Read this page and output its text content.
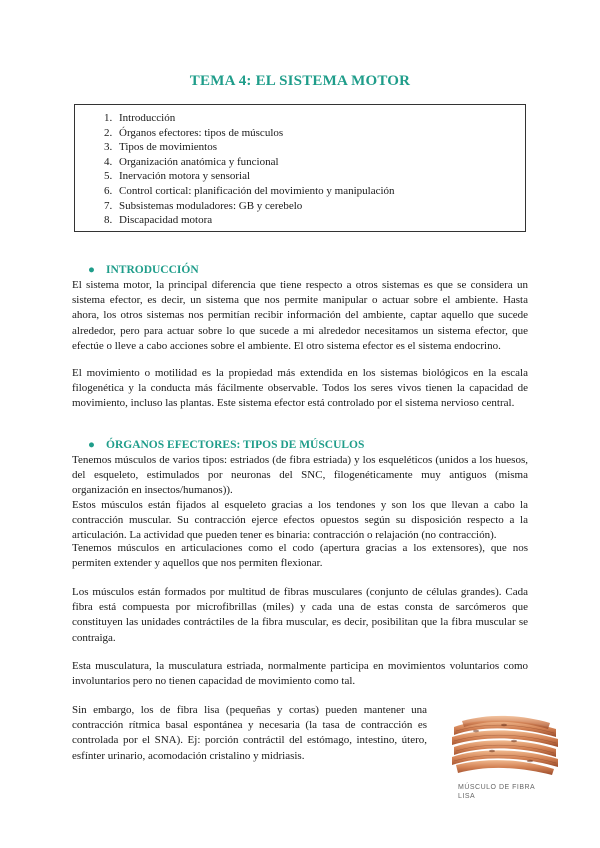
TEMA 4: EL SISTEMA MOTOR
1. Introducción
2. Órganos efectores: tipos de músculos
3. Tipos de movimientos
4. Organización anatómica y funcional
5. Inervación motora y sensorial
6. Control cortical: planificación del movimiento y manipulación
7. Subsistemas moduladores: GB y cerebelo
8. Discapacidad motora
● INTRODUCCIÓN

El sistema motor, la principal diferencia que tiene respecto a otros sistemas es que se considera un sistema efector, es decir, un sistema que nos permite manipular o actuar sobre el ambiente. Hasta ahora, los otros sistemas nos permitían recibir información del ambiente, captar aquello que sucede alrededor, pero para actuar sobre lo que sucede a mi alrededor necesitamos un sistema efector, que efectúe o lleve a cabo acciones sobre el ambiente. El otro sistema efector es el sistema endocrino.

El movimiento o motilidad es la propiedad más extendida en los sistemas biológicos en la escala filogenética y la conducta más fácilmente observable. Todos los seres vivos tienen la capacidad de movimiento, incluso las plantas. Este sistema efector está controlado por el sistema nervioso central.

● ÓRGANOS EFECTORES: TIPOS DE MÚSCULOS

Tenemos músculos de varios tipos: estriados (de fibra estriada) y los esqueléticos (unidos a los huesos, del esqueleto, estimulados por neuronas del SNC, filogenéticamente muy antiguos (misma organización en insectos/humanos)).

Estos músculos están fijados al esqueleto gracias a los tendones y son los que llevan a cabo la contracción muscular. Su contracción ejerce efectos opuestos según su disposición respecto a la articulación. La actividad que pueden tener es binaria: contracción o relajación (no contracción).

Tenemos músculos en articulaciones como el codo (apertura gracias a los extensores), que nos permiten extender y aquellos que nos permiten flexionar.

Los músculos están formados por multitud de fibras musculares (conjunto de células grandes). Cada fibra está compuesta por microfibrillas (miles) y cada una de estas consta de sarcómeros que constituyen las unidades contráctiles de la fibra muscular, es decir, posibilitan que la fibra muscular se contraiga.

Esta musculatura, la musculatura estriada, normalmente participa en movimientos voluntarios como involuntarios pero no tienen capacidad de movimiento como tal.

Sin embargo, los de fibra lisa (pequeñas y cortas) pueden mantener una contracción rítmica basal espontánea y necesaria (la tasa de contracción es controlada por el SNA). Ej: porción contráctil del estómago, intestino, útero, esfínter urinario, acomodación cristalino y midriasis.

MÚSCULO DE FIBRA LISA
